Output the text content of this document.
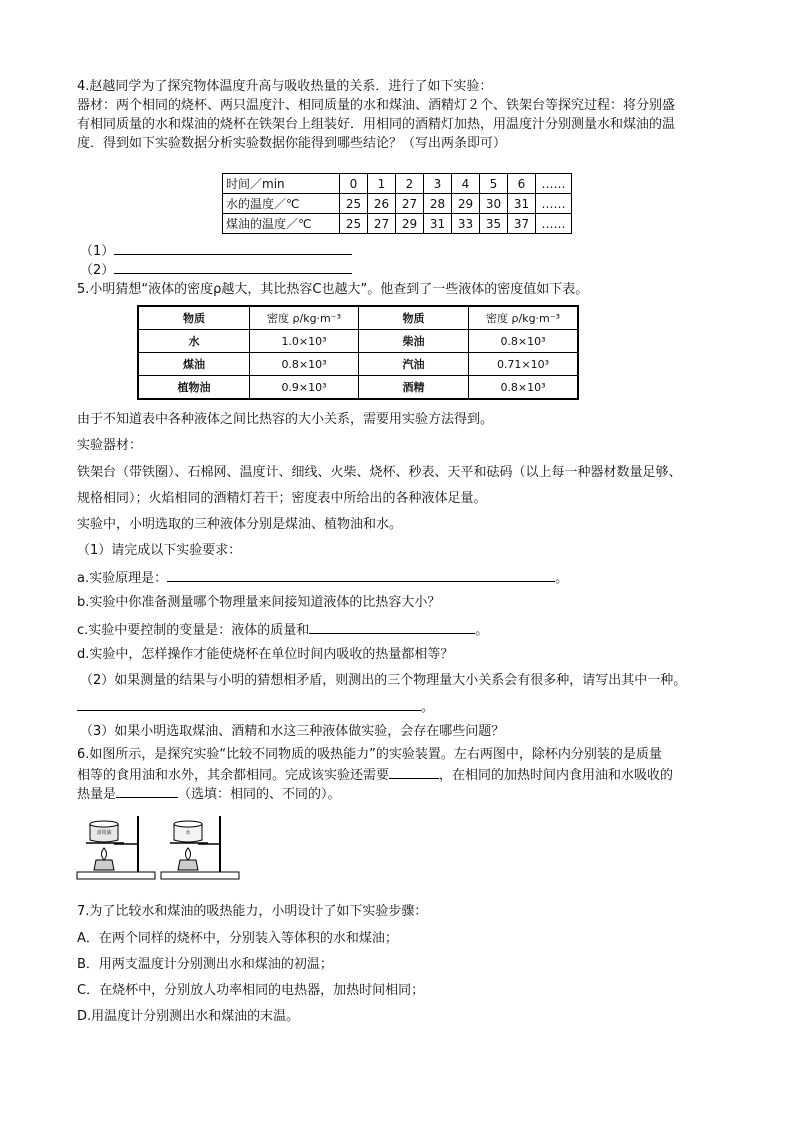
4.赵越同学为了探究物体温度升高与吸收热量的关系．进行了如下实验：
器材：两个相同的烧杯、两只温度汁、相同质量的水和煤油、酒精灯２个、铁架台等探究过程：将分别盛
有相同质量的水和煤油的烧杯在铁架台上组装好．用相同的酒精灯加热，用温度汁分别测量水和煤油的温
度．得到如下实验数据分析实验数据你能得到哪些结论？（写出两条即可）
时间／min	0	1	2	3	4	5	6	……
水的温度／℃	25	26	27	28	29	30	31	……
煤油的温度／℃	25	27	29	31	33	35	37	……
（1）
（2）
5.小明猜想“液体的密度ρ越大，其比热容C也越大”。他查到了一些液体的密度值如下表。
物质	密度 ρ/kg·m⁻³	物质	密度 ρ/kg·m⁻³
水	1.0×10³	柴油	0.8×10³
煤油	0.8×10³	汽油	0.71×10³
植物油	0.9×10³	酒精	0.8×10³
由于不知道表中各种液体之间比热容的大小关系，需要用实验方法得到。
实验器材：
铁架台（带铁圈）、石棉网、温度计、细线、火柴、烧杯、秒表、天平和砝码（以上每一种器材数量足够、
规格相同）；火焰相同的酒精灯若干；密度表中所给出的各种液体足量。
实验中，小明选取的三种液体分别是煤油、植物油和水。
（1）请完成以下实验要求：
a.实验原理是：	。
b.实验中你准备测量哪个物理量来间接知道液体的比热容大小？
c.实验中要控制的变量是：液体的质量和	。
d.实验中，怎样操作才能使烧杯在单位时间内吸收的热量都相等？
（2）如果测量的结果与小明的猜想相矛盾，则测出的三个物理量大小关系会有很多种，请写出其中一种。
。
（3）如果小明选取煤油、酒精和水这三种液体做实验，会存在哪些问题？
6.如图所示，是探究实验“比较不同物质的吸热能力”的实验装置。左右两图中，除杯内分别装的是质量
相等的食用油和水外，其余都相同。完成该实验还需要	，在相同的加热时间内食用油和水吸收的
热量是	（选填：相同的、不同的）。
食用油	水
7.为了比较水和煤油的吸热能力，小明设计了如下实验步骤：
A．在两个同样的烧杯中，分别装入等体积的水和煤油；
B．用两支温度计分别测出水和煤油的初温；
C．在烧杯中，分别放人功率相同的电热器，加热时间相同；
D.用温度计分别测出水和煤油的末温。
